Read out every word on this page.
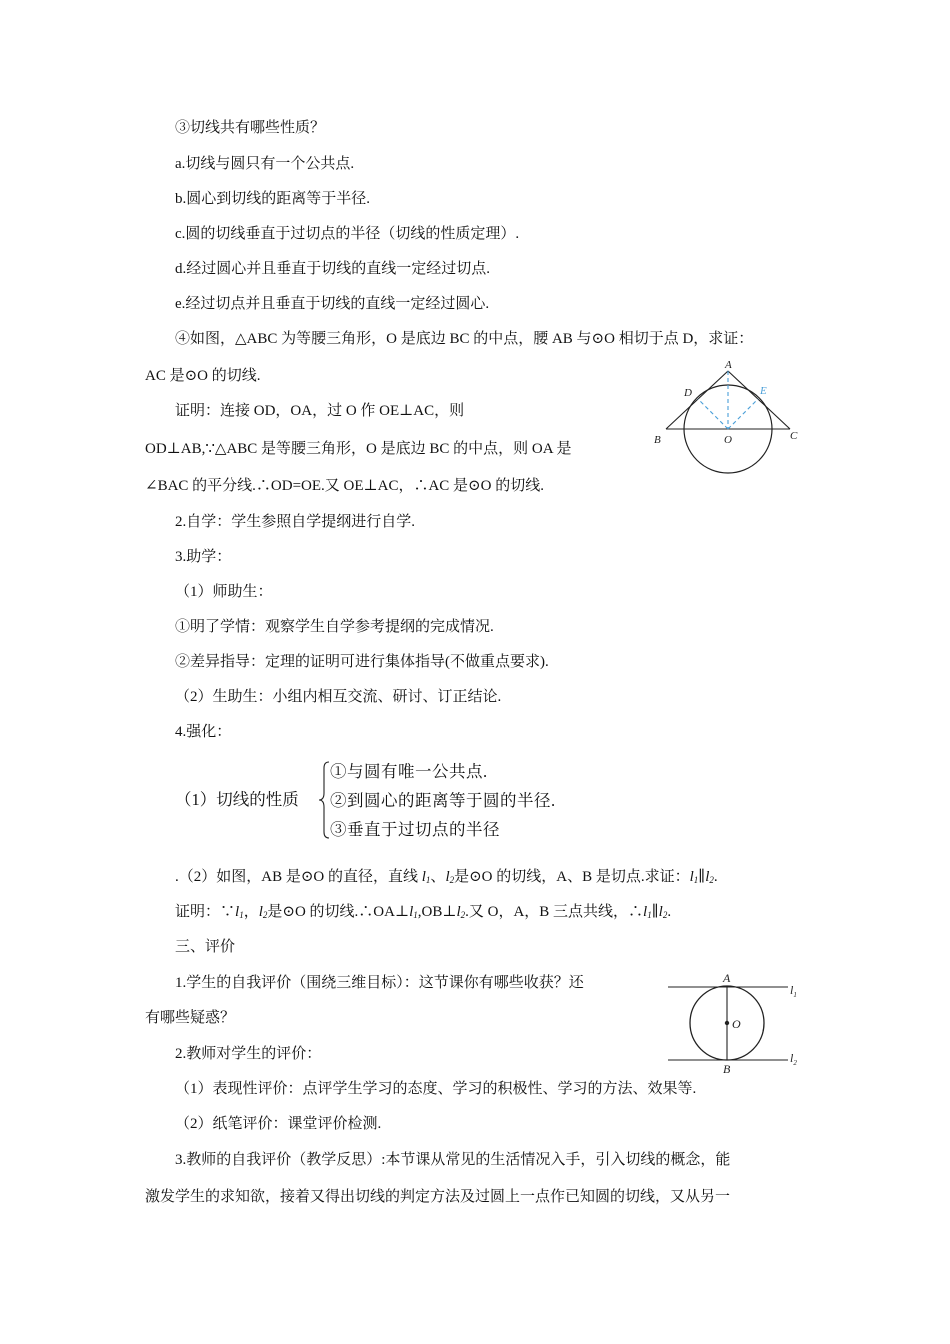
③切线共有哪些性质？
a.切线与圆只有一个公共点.
b.圆心到切线的距离等于半径.
c.圆的切线垂直于过切点的半径（切线的性质定理）.
d.经过圆心并且垂直于切线的直线一定经过切点.
e.经过切点并且垂直于切线的直线一定经过圆心.
④如图，△ABC 为等腰三角形，O 是底边 BC 的中点，腰 AB 与⊙O 相切于点 D，求证：
AC 是⊙O 的切线.
证明：连接 OD，OA，过 O 作 OE⊥AC，则
OD⊥AB,∵△ABC 是等腰三角形，O 是底边 BC 的中点，则 OA 是
∠BAC 的平分线.∴OD=OE.又 OE⊥AC，∴AC 是⊙O 的切线.
A
D	E
B	O	C
2.自学：学生参照自学提纲进行自学.
3.助学：
（1）师助生：
①明了学情：观察学生自学参考提纲的完成情况.
②差异指导：定理的证明可进行集体指导(不做重点要求).
（2）生助生：小组内相互交流、研讨、订正结论.
4.强化：
（1）切线的性质
①与圆有唯一公共点.
②到圆心的距离等于圆的半径.
③垂直于过切点的半径
.（2）如图，AB 是⊙O 的直径，直线 $l_1$、$l_2$是⊙O 的切线，A、B 是切点.求证：$l_1\parallel l_2$.
证明：$\because l_1$，$l_2$是⊙O 的切线$.\therefore OA\perp l_1,OB\perp l_2$.又 O，A，B 三点共线，$\therefore l_1\parallel l_2$.
三、评价
1.学生的自我评价（围绕三维目标）：这节课你有哪些收获？还
有哪些疑惑？
2.教师对学生的评价：
（1）表现性评价：点评学生学习的态度、学习的积极性、学习的方法、效果等.
（2）纸笔评价：课堂评价检测.
3.教师的自我评价（教学反思）:本节课从常见的生活情况入手，引入切线的概念，能
激发学生的求知欲，接着又得出切线的判定方法及过圆上一点作已知圆的切线，又从另一
A
O
B
$l_1$
$l_2$
